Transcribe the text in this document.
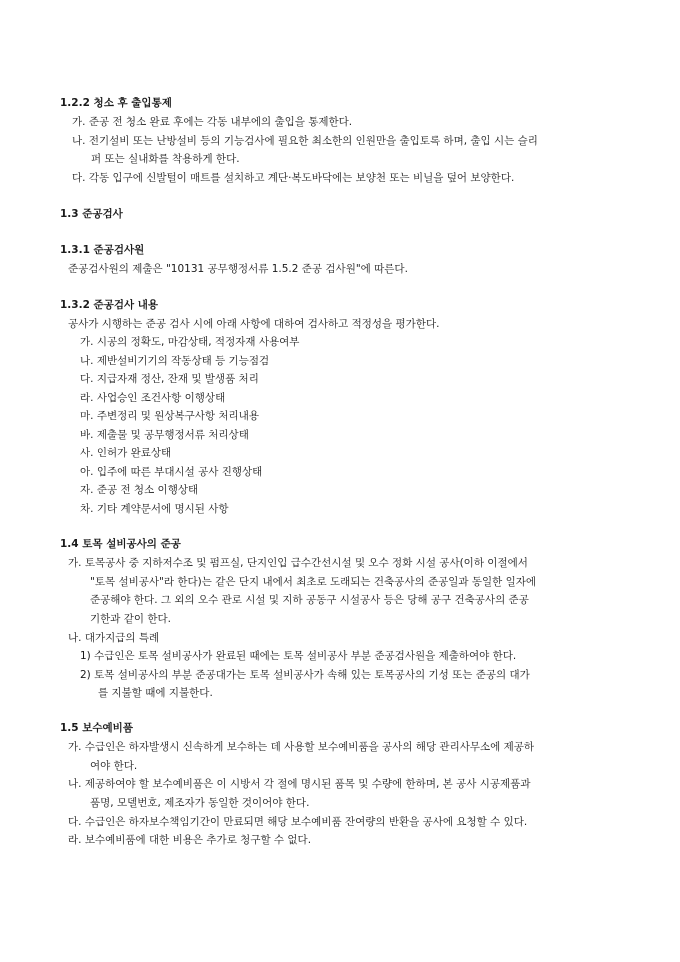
1.2.2 청소 후 출입통제
가. 준공 전 청소 완료 후에는 각동 내부에의 출입을 통제한다.
나. 전기설비 또는 난방설비 등의 기능검사에 필요한 최소한의 인원만을 출입토록 하며, 출입 시는 슬리
퍼 또는 실내화를 착용하게 한다.
다. 각동 입구에 신발털이 매트를 설치하고 계단·복도바닥에는 보양천 또는 비닐을 덮어 보양한다.
1.3 준공검사
1.3.1 준공검사원
준공검사원의 제출은 "10131 공무행정서류 1.5.2 준공 검사원"에 따른다.
1.3.2 준공검사 내용
공사가 시행하는 준공 검사 시에 아래 사항에 대하여 검사하고 적정성을 평가한다.
가. 시공의 정확도, 마감상태, 적정자재 사용여부
나. 제반설비기기의 작동상태 등 기능점검
다. 지급자재 정산, 잔재 및 발생품 처리
라. 사업승인 조건사항 이행상태
마. 주변정리 및 원상복구사항 처리내용
바. 제출물 및 공무행정서류 처리상태
사. 인허가 완료상태
아. 입주에 따른 부대시설 공사 진행상태
자. 준공 전 청소 이행상태
차. 기타 계약문서에 명시된 사항
1.4 토목 설비공사의 준공
가. 토목공사 중 지하저수조 및 펌프실, 단지인입 급수간선시설 및 오수 정화 시설 공사(이하 이절에서
"토목 설비공사"라 한다)는 같은 단지 내에서 최초로 도래되는 건축공사의 준공일과 동일한 일자에
준공해야 한다. 그 외의 오수 관로 시설 및 지하 공동구 시설공사 등은 당해 공구 건축공사의 준공
기한과 같이 한다.
나. 대가지급의 특례
1) 수급인은 토목 설비공사가 완료된 때에는 토목 설비공사 부분 준공검사원을 제출하여야 한다.
2) 토목 설비공사의 부분 준공대가는 토목 설비공사가 속해 있는 토목공사의 기성 또는 준공의 대가
를 지불할 때에 지불한다.
1.5 보수예비품
가. 수급인은 하자발생시 신속하게 보수하는 데 사용할 보수예비품을 공사의 해당 관리사무소에 제공하
여야 한다.
나. 제공하여야 할 보수예비품은 이 시방서 각 절에 명시된 품목 및 수량에 한하며, 본 공사 시공제품과
품명, 모델번호, 제조자가 동일한 것이어야 한다.
다. 수급인은 하자보수책임기간이 만료되면 해당 보수예비품 잔여량의 반환을 공사에 요청할 수 있다.
라. 보수예비품에 대한 비용은 추가로 청구할 수 없다.
